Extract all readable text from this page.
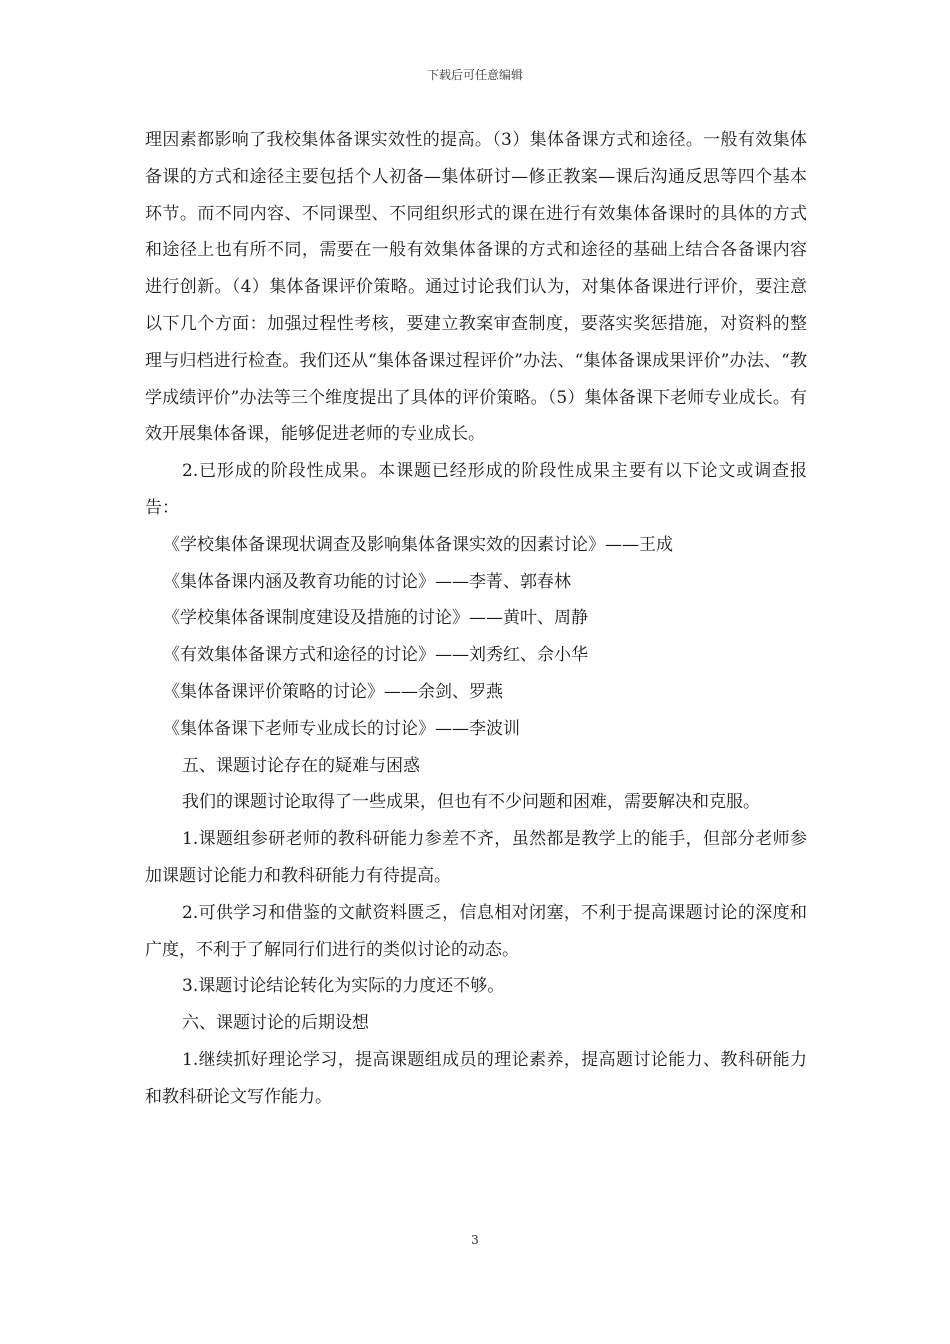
下载后可任意编辑

理因素都影响了我校集体备课实效性的提高。（3）集体备课方式和途径。一般有效集体备课的方式和途径主要包括个人初备—集体研讨—修正教案—课后沟通反思等四个基本环节。而不同内容、不同课型、不同组织形式的课在进行有效集体备课时的具体的方式和途径上也有所不同，需要在一般有效集体备课的方式和途径的基础上结合各备课内容进行创新。（4）集体备课评价策略。通过讨论我们认为，对集体备课进行评价，要注意以下几个方面：加强过程性考核，要建立教案审查制度，要落实奖惩措施，对资料的整理与归档进行检查。我们还从“集体备课过程评价”办法、“集体备课成果评价”办法、“教学成绩评价”办法等三个维度提出了具体的评价策略。（5）集体备课下老师专业成长。有效开展集体备课，能够促进老师的专业成长。

2.已形成的阶段性成果。本课题已经形成的阶段性成果主要有以下论文或调查报告：

《学校集体备课现状调查及影响集体备课实效的因素讨论》——王成

《集体备课内涵及教育功能的讨论》——李菁、郭春林

《学校集体备课制度建设及措施的讨论》——黄叶、周静

《有效集体备课方式和途径的讨论》——刘秀红、佘小华

《集体备课评价策略的讨论》——余剑、罗燕

《集体备课下老师专业成长的讨论》——李波训

五、课题讨论存在的疑难与困惑

我们的课题讨论取得了一些成果，但也有不少问题和困难，需要解决和克服。

1.课题组参研老师的教科研能力参差不齐，虽然都是教学上的能手，但部分老师参加课题讨论能力和教科研能力有待提高。

2.可供学习和借鉴的文献资料匮乏，信息相对闭塞，不利于提高课题讨论的深度和广度，不利于了解同行们进行的类似讨论的动态。

3.课题讨论结论转化为实际的力度还不够。

六、课题讨论的后期设想

1.继续抓好理论学习，提高课题组成员的理论素养，提高题讨论能力、教科研能力和教科研论文写作能力。

3
